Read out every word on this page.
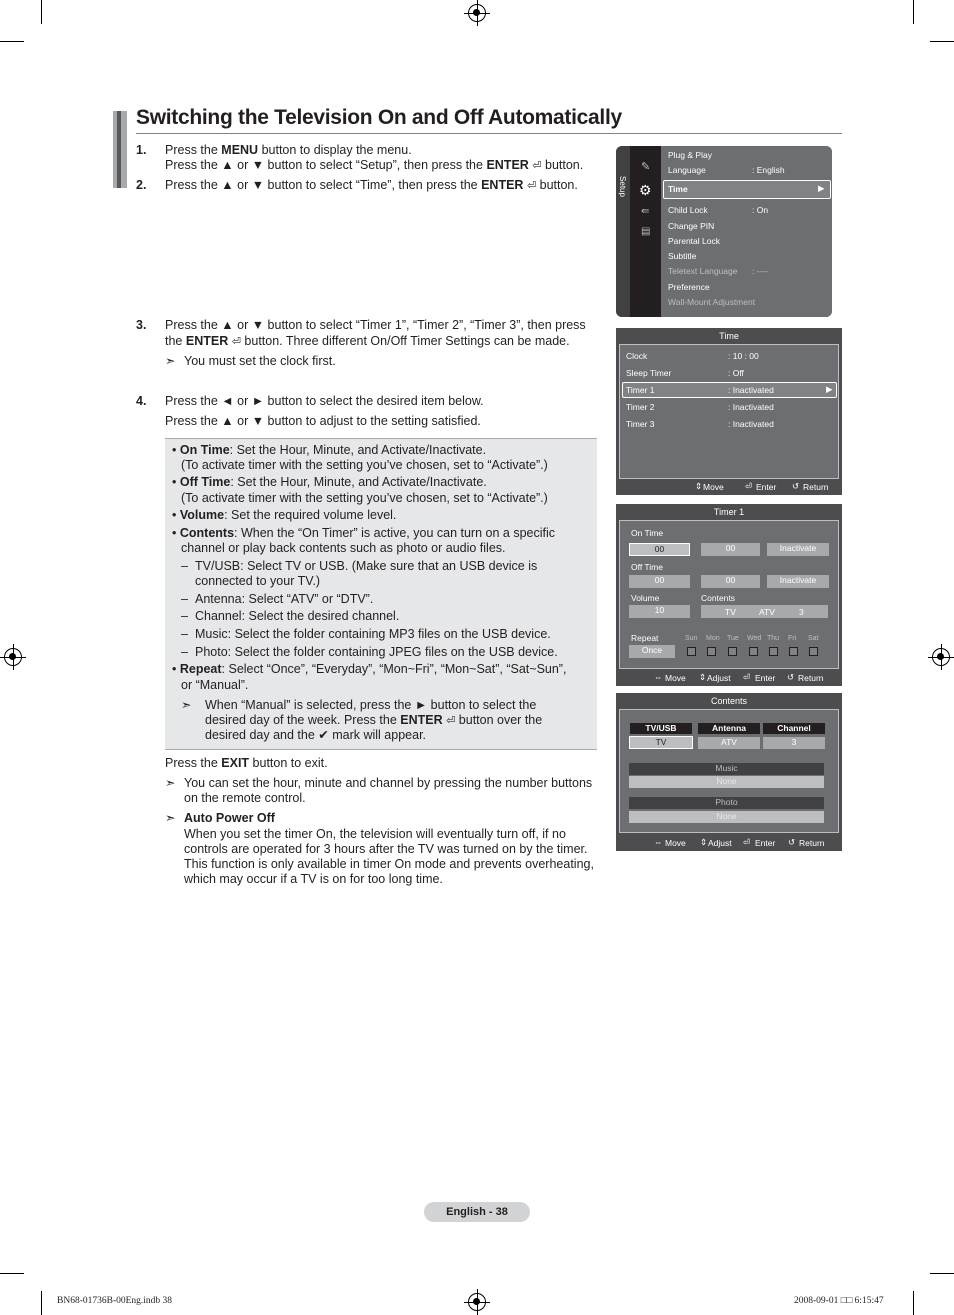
Switching the Television On and Off Automatically
1. Press the MENU button to display the menu.
Press the ▲ or ▼ button to select “Setup”, then press the ENTER ⏎ button.
2. Press the ▲ or ▼ button to select “Time”, then press the ENTER ⏎ button.
3. Press the ▲ or ▼ button to select “Timer 1”, “Timer 2”, “Timer 3”, then press
the ENTER ⏎ button. Three different On/Off Timer Settings can be made.
➣ You must set the clock first.
4. Press the ◄ or ► button to select the desired item below.
Press the ▲ or ▼ button to adjust to the setting satisfied.
• On Time: Set the Hour, Minute, and Activate/Inactivate.
(To activate timer with the setting you’ve chosen, set to “Activate”.)
• Off Time: Set the Hour, Minute, and Activate/Inactivate.
(To activate timer with the setting you’ve chosen, set to “Activate”.)
• Volume: Set the required volume level.
• Contents: When the “On Timer” is active, you can turn on a specific
channel or play back contents such as photo or audio files.
– TV/USB: Select TV or USB. (Make sure that an USB device is
connected to your TV.)
– Antenna: Select “ATV” or “DTV”.
– Channel: Select the desired channel.
– Music: Select the folder containing MP3 files on the USB device.
– Photo: Select the folder containing JPEG files on the USB device.
• Repeat: Select “Once”, “Everyday”, “Mon~Fri”, “Mon~Sat”, “Sat~Sun”,
or “Manual”.
➣ When “Manual” is selected, press the ► button to select the
desired day of the week. Press the ENTER ⏎ button over the
desired day and the ✔ mark will appear.
Press the EXIT button to exit.
➣ You can set the hour, minute and channel by pressing the number buttons
on the remote control.
➣ Auto Power Off
When you set the timer On, the television will eventually turn off, if no
controls are operated for 3 hours after the TV was turned on by the timer.
This function is only available in timer On mode and prevents overheating,
which may occur if a TV is on for too long time.
Setup
✎
⚙
⇚
▤
Plug & Play
Language	: English
Time	▶
Child Lock	: On
Change PIN
Parental Lock
Subtitle
Teletext Language : ----
Preference
Wall-Mount Adjustment
Time
Clock	: 10 : 00
Sleep Timer	: Off
Timer 1	: Inactivated	▶
Timer 2	: Inactivated
Timer 3	: Inactivated
⇕ Move ⏎ Enter ↺ Return
Timer 1
On Time
00	00	Inactivate
Off Time
00	00	Inactivate
Volume	Contents
10	TV	ATV	3
Repeat
Once
Sun Mon Tue Wed Thu Fri Sat
⇔ Move ⇕ Adjust ⏎ Enter ↺ Return
Contents
TV/USB	Antenna	Channel
TV	ATV	3
Music
None
Photo
None
⇔ Move ⇕ Adjust ⏎ Enter ↺ Return
English - 38
BN68-01736B-00Eng.indb 38	2008-09-01 □□ 6:15:47
